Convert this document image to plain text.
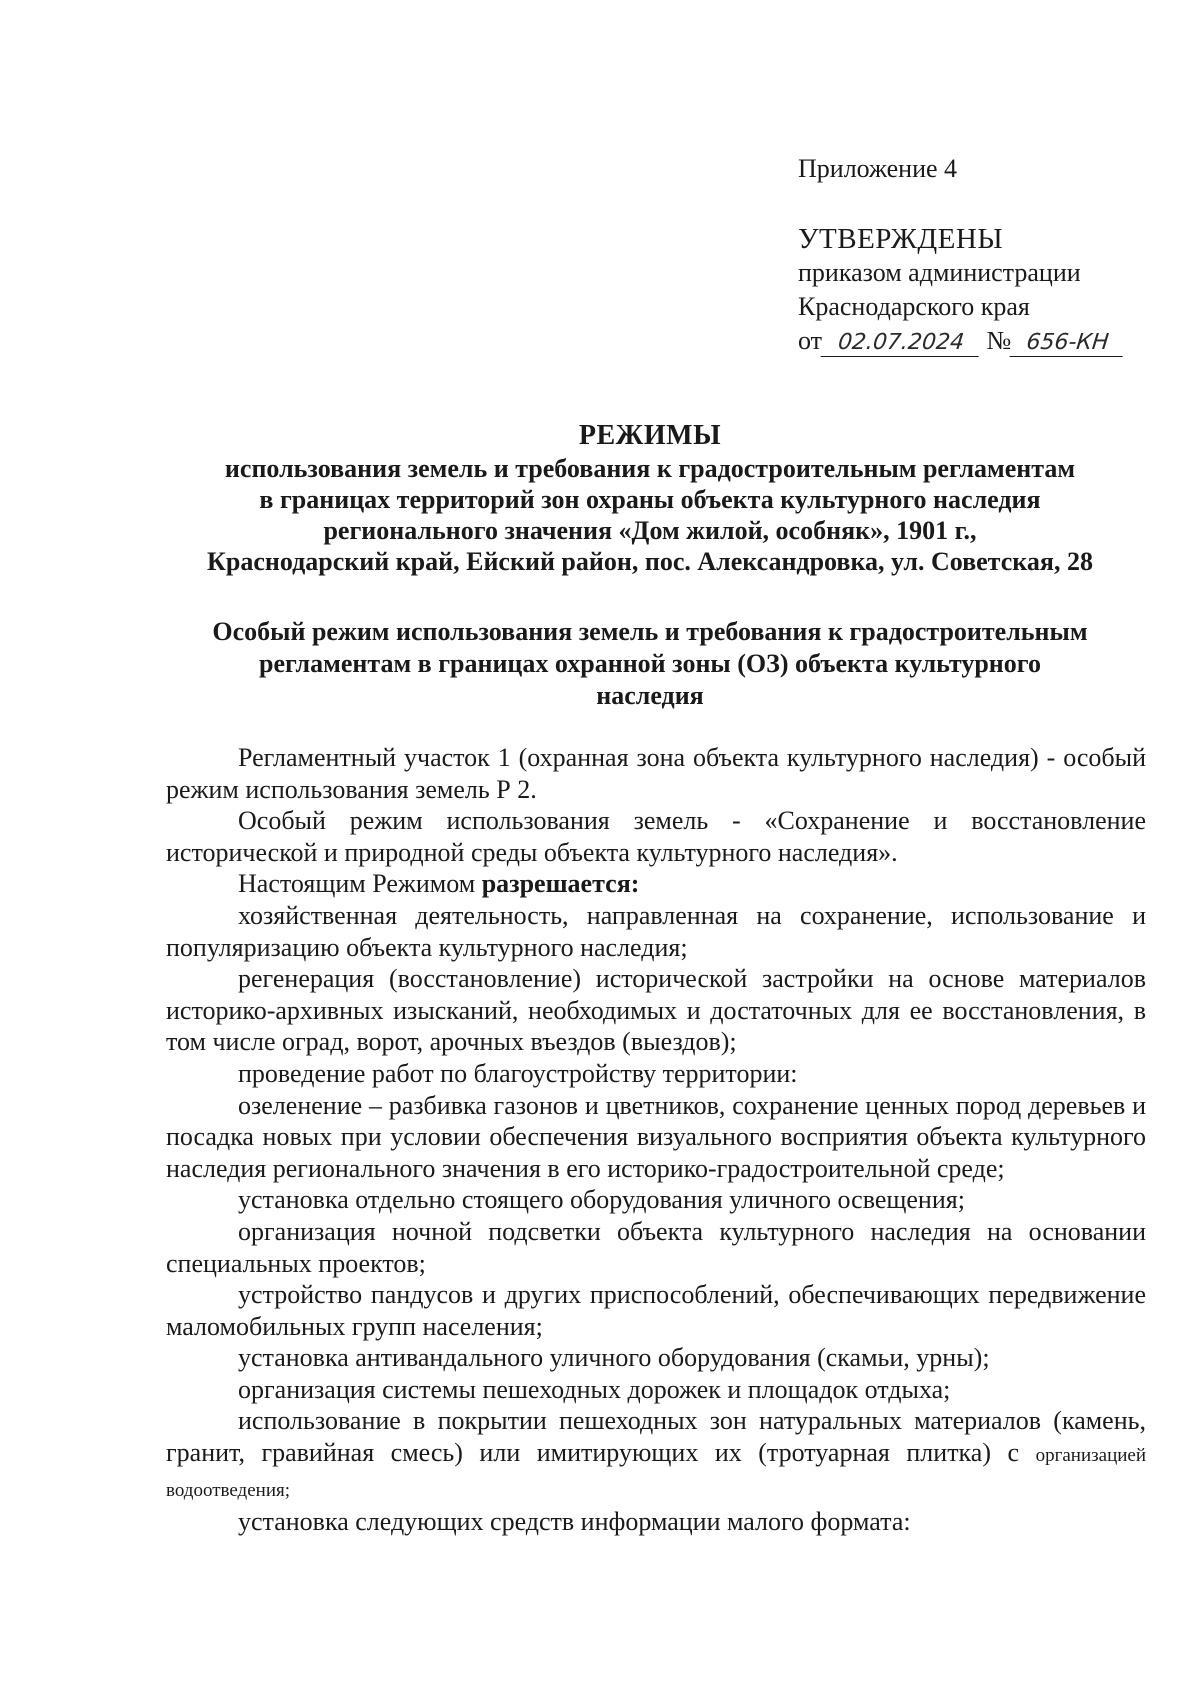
Приложение 4

УТВЕРЖДЕНЫ

приказом администрации

Краснодарского края

от 02.07.2024 № 656-КН

РЕЖИМЫ

использования земель и требования к градостроительным регламентам

в границах территорий зон охраны объекта культурного наследия

регионального значения «Дом жилой, особняк», 1901 г.,

Краснодарский край, Ейский район, пос. Александровка, ул. Советская, 28

Особый режим использования земель и требования к градостроительным

регламентам в границах охранной зоны (ОЗ) объекта культурного

наследия

Регламентный участок 1 (охранная зона объекта культурного наследия) - особый режим использования земель Р 2.

Особый режим использования земель - «Сохранение и восстановление исторической и природной среды объекта культурного наследия».

Настоящим Режимом разрешается:

хозяйственная деятельность, направленная на сохранение, использование и популяризацию объекта культурного наследия;

регенерация (восстановление) исторической застройки на основе материалов историко-архивных изысканий, необходимых и достаточных для ее восстановления, в том числе оград, ворот, арочных въездов (выездов);

проведение работ по благоустройству территории:

озеленение – разбивка газонов и цветников, сохранение ценных пород деревьев и посадка новых при условии обеспечения визуального восприятия объекта культурного наследия регионального значения в его историко-градостроительной среде;

установка отдельно стоящего оборудования уличного освещения;

организация ночной подсветки объекта культурного наследия на основании специальных проектов;

устройство пандусов и других приспособлений, обеспечивающих передвижение маломобильных групп населения;

установка антивандального уличного оборудования (скамьи, урны);

организация системы пешеходных дорожек и площадок отдыха;

использование в покрытии пешеходных зон натуральных материалов (камень, гранит, гравийная смесь) или имитирующих их (тротуарная плитка) с организацией водоотведения;

установка следующих средств информации малого формата:
